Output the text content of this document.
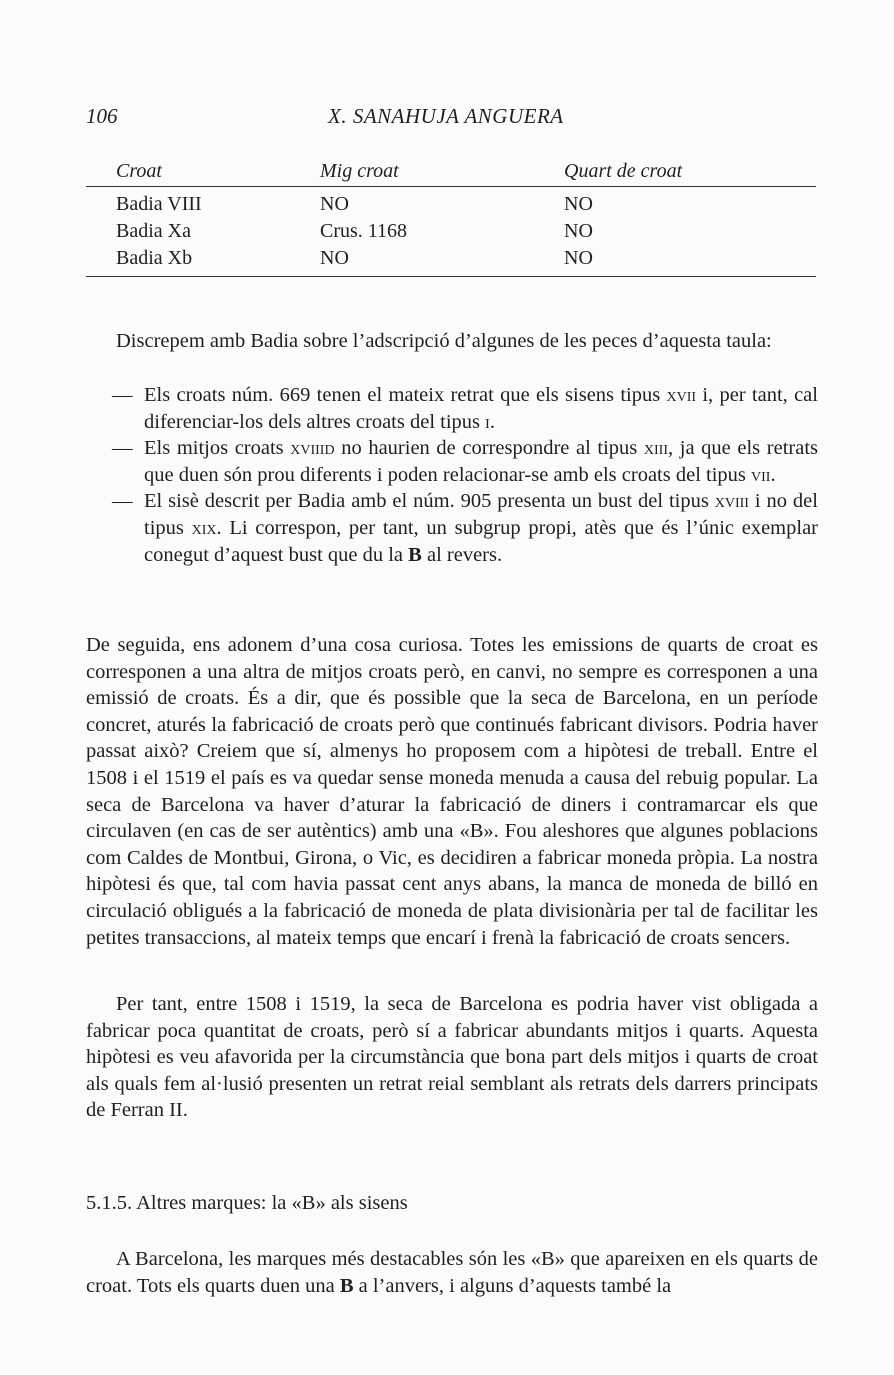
106	X. SANAHUJA ANGUERA
Croat	Mig croat	Quart de croat
Badia VIII	NO	NO
Badia Xa	Crus. 1168	NO
Badia Xb	NO	NO
Discrepem amb Badia sobre l’adscripció d’algunes de les peces d’aquesta taula:
— Els croats núm. 669 tenen el mateix retrat que els sisens tipus xvii i, per tant, cal diferenciar-los dels altres croats del tipus i.
— Els mitjos croats xviiid no haurien de correspondre al tipus xiii, ja que els retrats que duen són prou diferents i poden relacionar-se amb els croats del tipus vii.
— El sisè descrit per Badia amb el núm. 905 presenta un bust del tipus xviii i no del tipus xix. Li correspon, per tant, un subgrup propi, atès que és l’únic exemplar conegut d’aquest bust que du la B al revers.
De seguida, ens adonem d’una cosa curiosa. Totes les emissions de quarts de croat es corresponen a una altra de mitjos croats però, en canvi, no sempre es corresponen a una emissió de croats. És a dir, que és possible que la seca de Barcelona, en un període concret, aturés la fabricació de croats però que continués fabricant divisors. Podria haver passat això? Creiem que sí, almenys ho proposem com a hipòtesi de treball. Entre el 1508 i el 1519 el país es va quedar sense moneda menuda a causa del rebuig popular. La seca de Barcelona va haver d’aturar la fabricació de diners i contramarcar els que circulaven (en cas de ser autèntics) amb una «B». Fou aleshores que algunes poblacions com Caldes de Montbui, Girona, o Vic, es decidiren a fabricar moneda pròpia. La nostra hipòtesi és que, tal com havia passat cent anys abans, la manca de moneda de billó en circulació obligués a la fabricació de moneda de plata divisionària per tal de facilitar les petites transaccions, al mateix temps que encarí i frenà la fabricació de croats sencers.
Per tant, entre 1508 i 1519, la seca de Barcelona es podria haver vist obligada a fabricar poca quantitat de croats, però sí a fabricar abundants mitjos i quarts. Aquesta hipòtesi es veu afavorida per la circumstància que bona part dels mitjos i quarts de croat als quals fem al·lusió presenten un retrat reial semblant als retrats dels darrers principats de Ferran II.
5.1.5. Altres marques: la «B» als sisens
A Barcelona, les marques més destacables són les «B» que apareixen en els quarts de croat. Tots els quarts duen una B a l’anvers, i alguns d’aquests també la
